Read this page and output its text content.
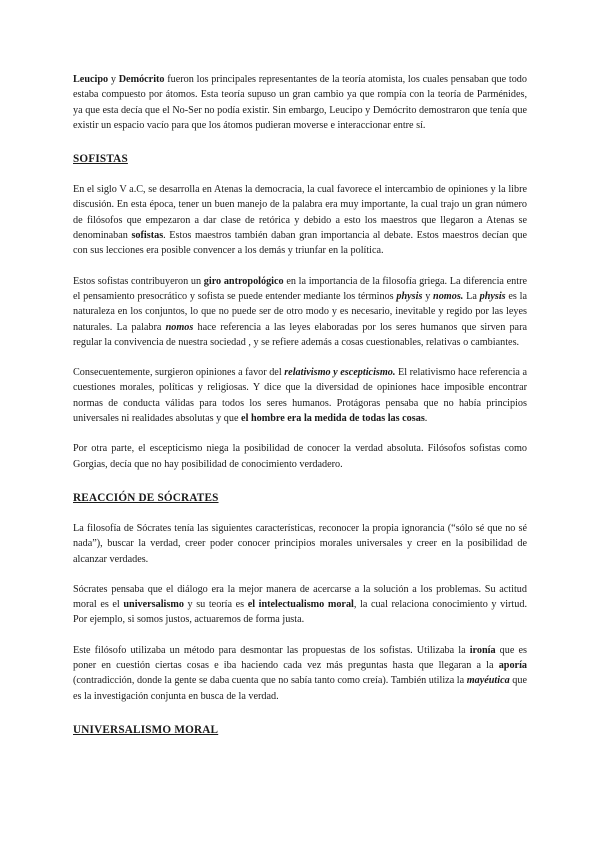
Leucipo y Demócrito fueron los principales representantes de la teoría atomista, los cuales pensaban que todo estaba compuesto por átomos. Esta teoría supuso un gran cambio ya que rompía con la teoría de Parménides, ya que esta decía que el No-Ser no podía existir. Sin embargo, Leucipo y Demócrito demostraron que tenía que existir un espacio vacío para que los átomos pudieran moverse e interaccionar entre sí.

SOFISTAS

En el siglo V a.C, se desarrolla en Atenas la democracia, la cual favorece el intercambio de opiniones y la libre discusión. En esta época, tener un buen manejo de la palabra era muy importante, la cual trajo un gran número de filósofos que empezaron a dar clase de retórica y debido a esto los maestros que llegaron a Atenas se denominaban sofistas. Estos maestros también daban gran importancia al debate. Estos maestros decían que con sus lecciones era posible convencer a los demás y triunfar en la política.

Estos sofistas contribuyeron un giro antropológico en la importancia de la filosofía griega. La diferencia entre el pensamiento presocrático y sofista se puede entender mediante los términos physis y nomos. La physis es la naturaleza en los conjuntos, lo que no puede ser de otro modo y es necesario, inevitable y regido por las leyes naturales. La palabra nomos hace referencia a las leyes elaboradas por los seres humanos que sirven para regular la convivencia de nuestra sociedad , y se refiere además a cosas cuestionables, relativas o cambiantes.

Consecuentemente, surgieron opiniones a favor del relativismo y escepticismo. El relativismo hace referencia a cuestiones morales, políticas y religiosas. Y dice que la diversidad de opiniones hace imposible encontrar normas de conducta válidas para todos los seres humanos. Protágoras pensaba que no había principios universales ni realidades absolutas y que el hombre era la medida de todas las cosas.

Por otra parte, el escepticismo niega la posibilidad de conocer la verdad absoluta. Filósofos sofistas como Gorgias, decía que no hay posibilidad de conocimiento verdadero.

REACCIÓN DE SÓCRATES

La filosofía de Sócrates tenía las siguientes características, reconocer la propia ignorancia (“sólo sé que no sé nada”), buscar la verdad, creer poder conocer principios morales universales y creer en la posibilidad de alcanzar verdades.

Sócrates pensaba que el diálogo era la mejor manera de acercarse a la solución a los problemas. Su actitud moral es el universalismo y su teoría es el intelectualismo moral, la cual relaciona conocimiento y virtud. Por ejemplo, si somos justos, actuaremos de forma justa.

Este filósofo utilizaba un método para desmontar las propuestas de los sofistas. Utilizaba la ironía que es poner en cuestión ciertas cosas e iba haciendo cada vez más preguntas hasta que llegaran a la aporía (contradicción, donde la gente se daba cuenta que no sabía tanto como creía). También utiliza la mayéutica que es la investigación conjunta en busca de la verdad.

UNIVERSALISMO MORAL
